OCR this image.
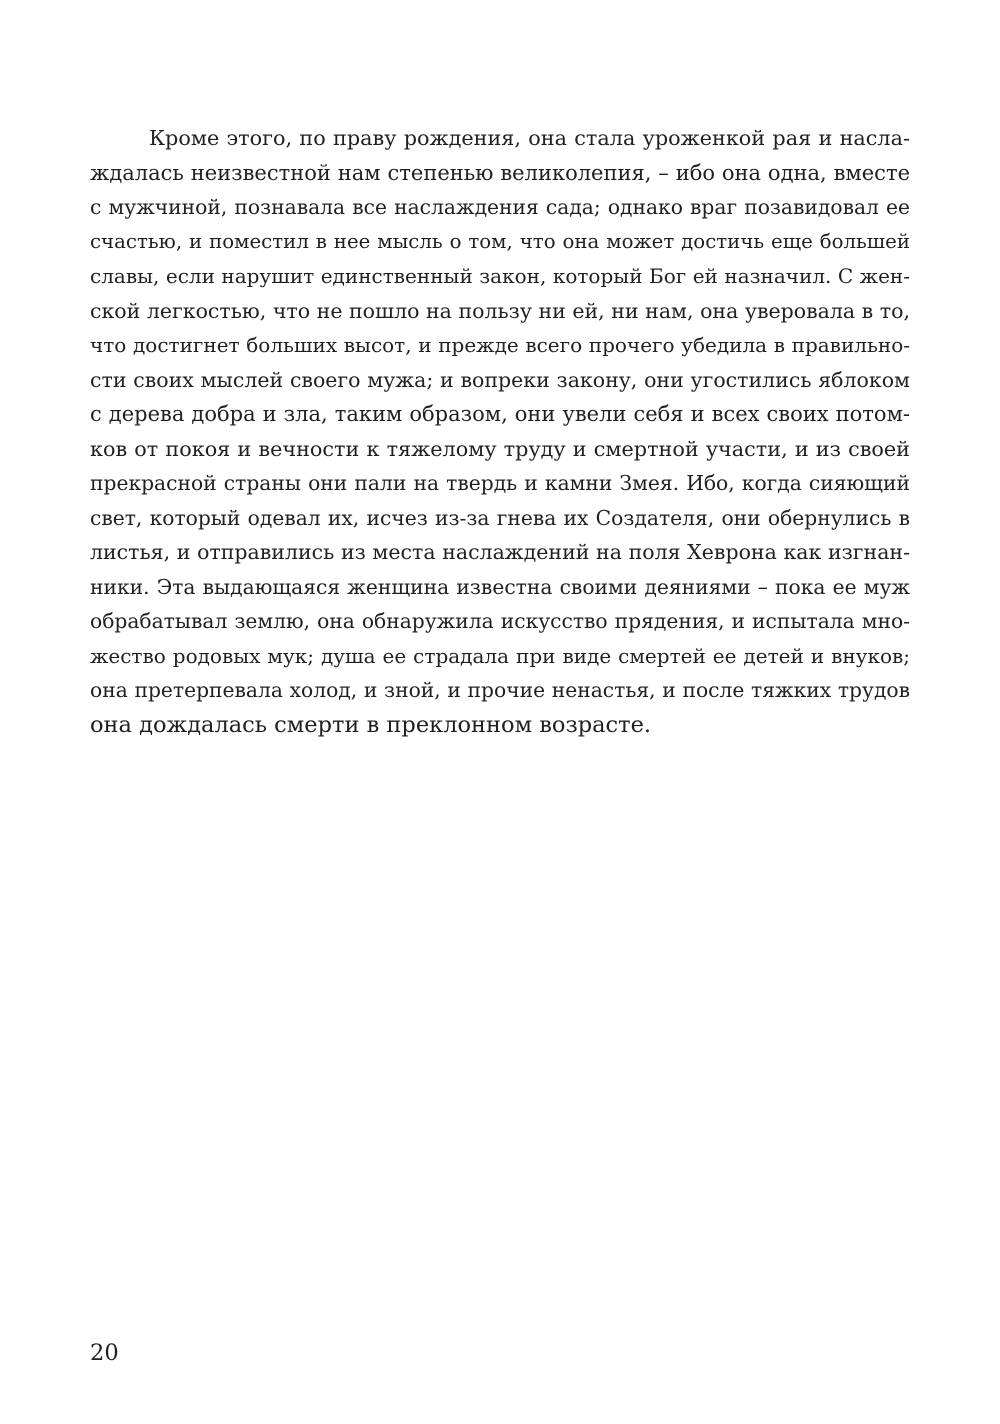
Кроме этого, по праву рождения, она стала уроженкой рая и насла-
ждалась неизвестной нам степенью великолепия, – ибо она одна, вместе
с мужчиной, познавала все наслаждения сада; однако враг позавидовал ее
счастью, и поместил в нее мысль о том, что она может достичь еще большей
славы, если нарушит единственный закон, который Бог ей назначил. С жен-
ской легкостью, что не пошло на пользу ни ей, ни нам, она уверовала в то,
что достигнет больших высот, и прежде всего прочего убедила в правильно-
сти своих мыслей своего мужа; и вопреки закону, они угостились яблоком
с дерева добра и зла, таким образом, они увели себя и всех своих потом-
ков от покоя и вечности к тяжелому труду и смертной участи, и из своей
прекрасной страны они пали на твердь и камни Змея. Ибо, когда сияющий
свет, который одевал их, исчез из-за гнева их Создателя, они обернулись в
листья, и отправились из места наслаждений на поля Хеврона как изгнан-
ники. Эта выдающаяся женщина известна своими деяниями – пока ее муж
обрабатывал землю, она обнаружила искусство прядения, и испытала мно-
жество родовых мук; душа ее страдала при виде смертей ее детей и внуков;
она претерпевала холод, и зной, и прочие ненастья, и после тяжких трудов
она дождалась смерти в преклонном возрасте.

20
